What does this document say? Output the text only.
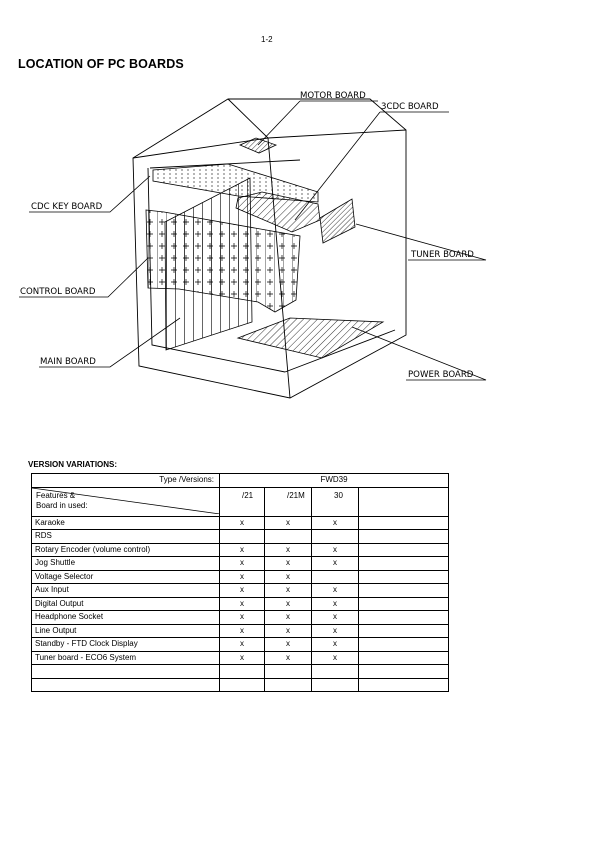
1-2
LOCATION OF PC BOARDS
MOTOR BOARD
3CDC BOARD
CDC KEY BOARD
TUNER BOARD
CONTROL BOARD
MAIN BOARD
POWER BOARD
VERSION VARIATIONS:
Type /Versions:	FWD39			

Features &
Board in used:	/21	/21M	30	
Karaoke	x	x	x	
RDS				
Rotary Encoder (volume control)	x	x	x	
Jog Shuttle	x	x	x	
Voltage Selector	x	x		
Aux Input	x	x	x	
Digital Output	x	x	x	
Headphone Socket	x	x	x	
Line Output	x	x	x	
Standby - FTD Clock Display	x	x	x	
Tuner board - ECO6 System	x	x	x	
